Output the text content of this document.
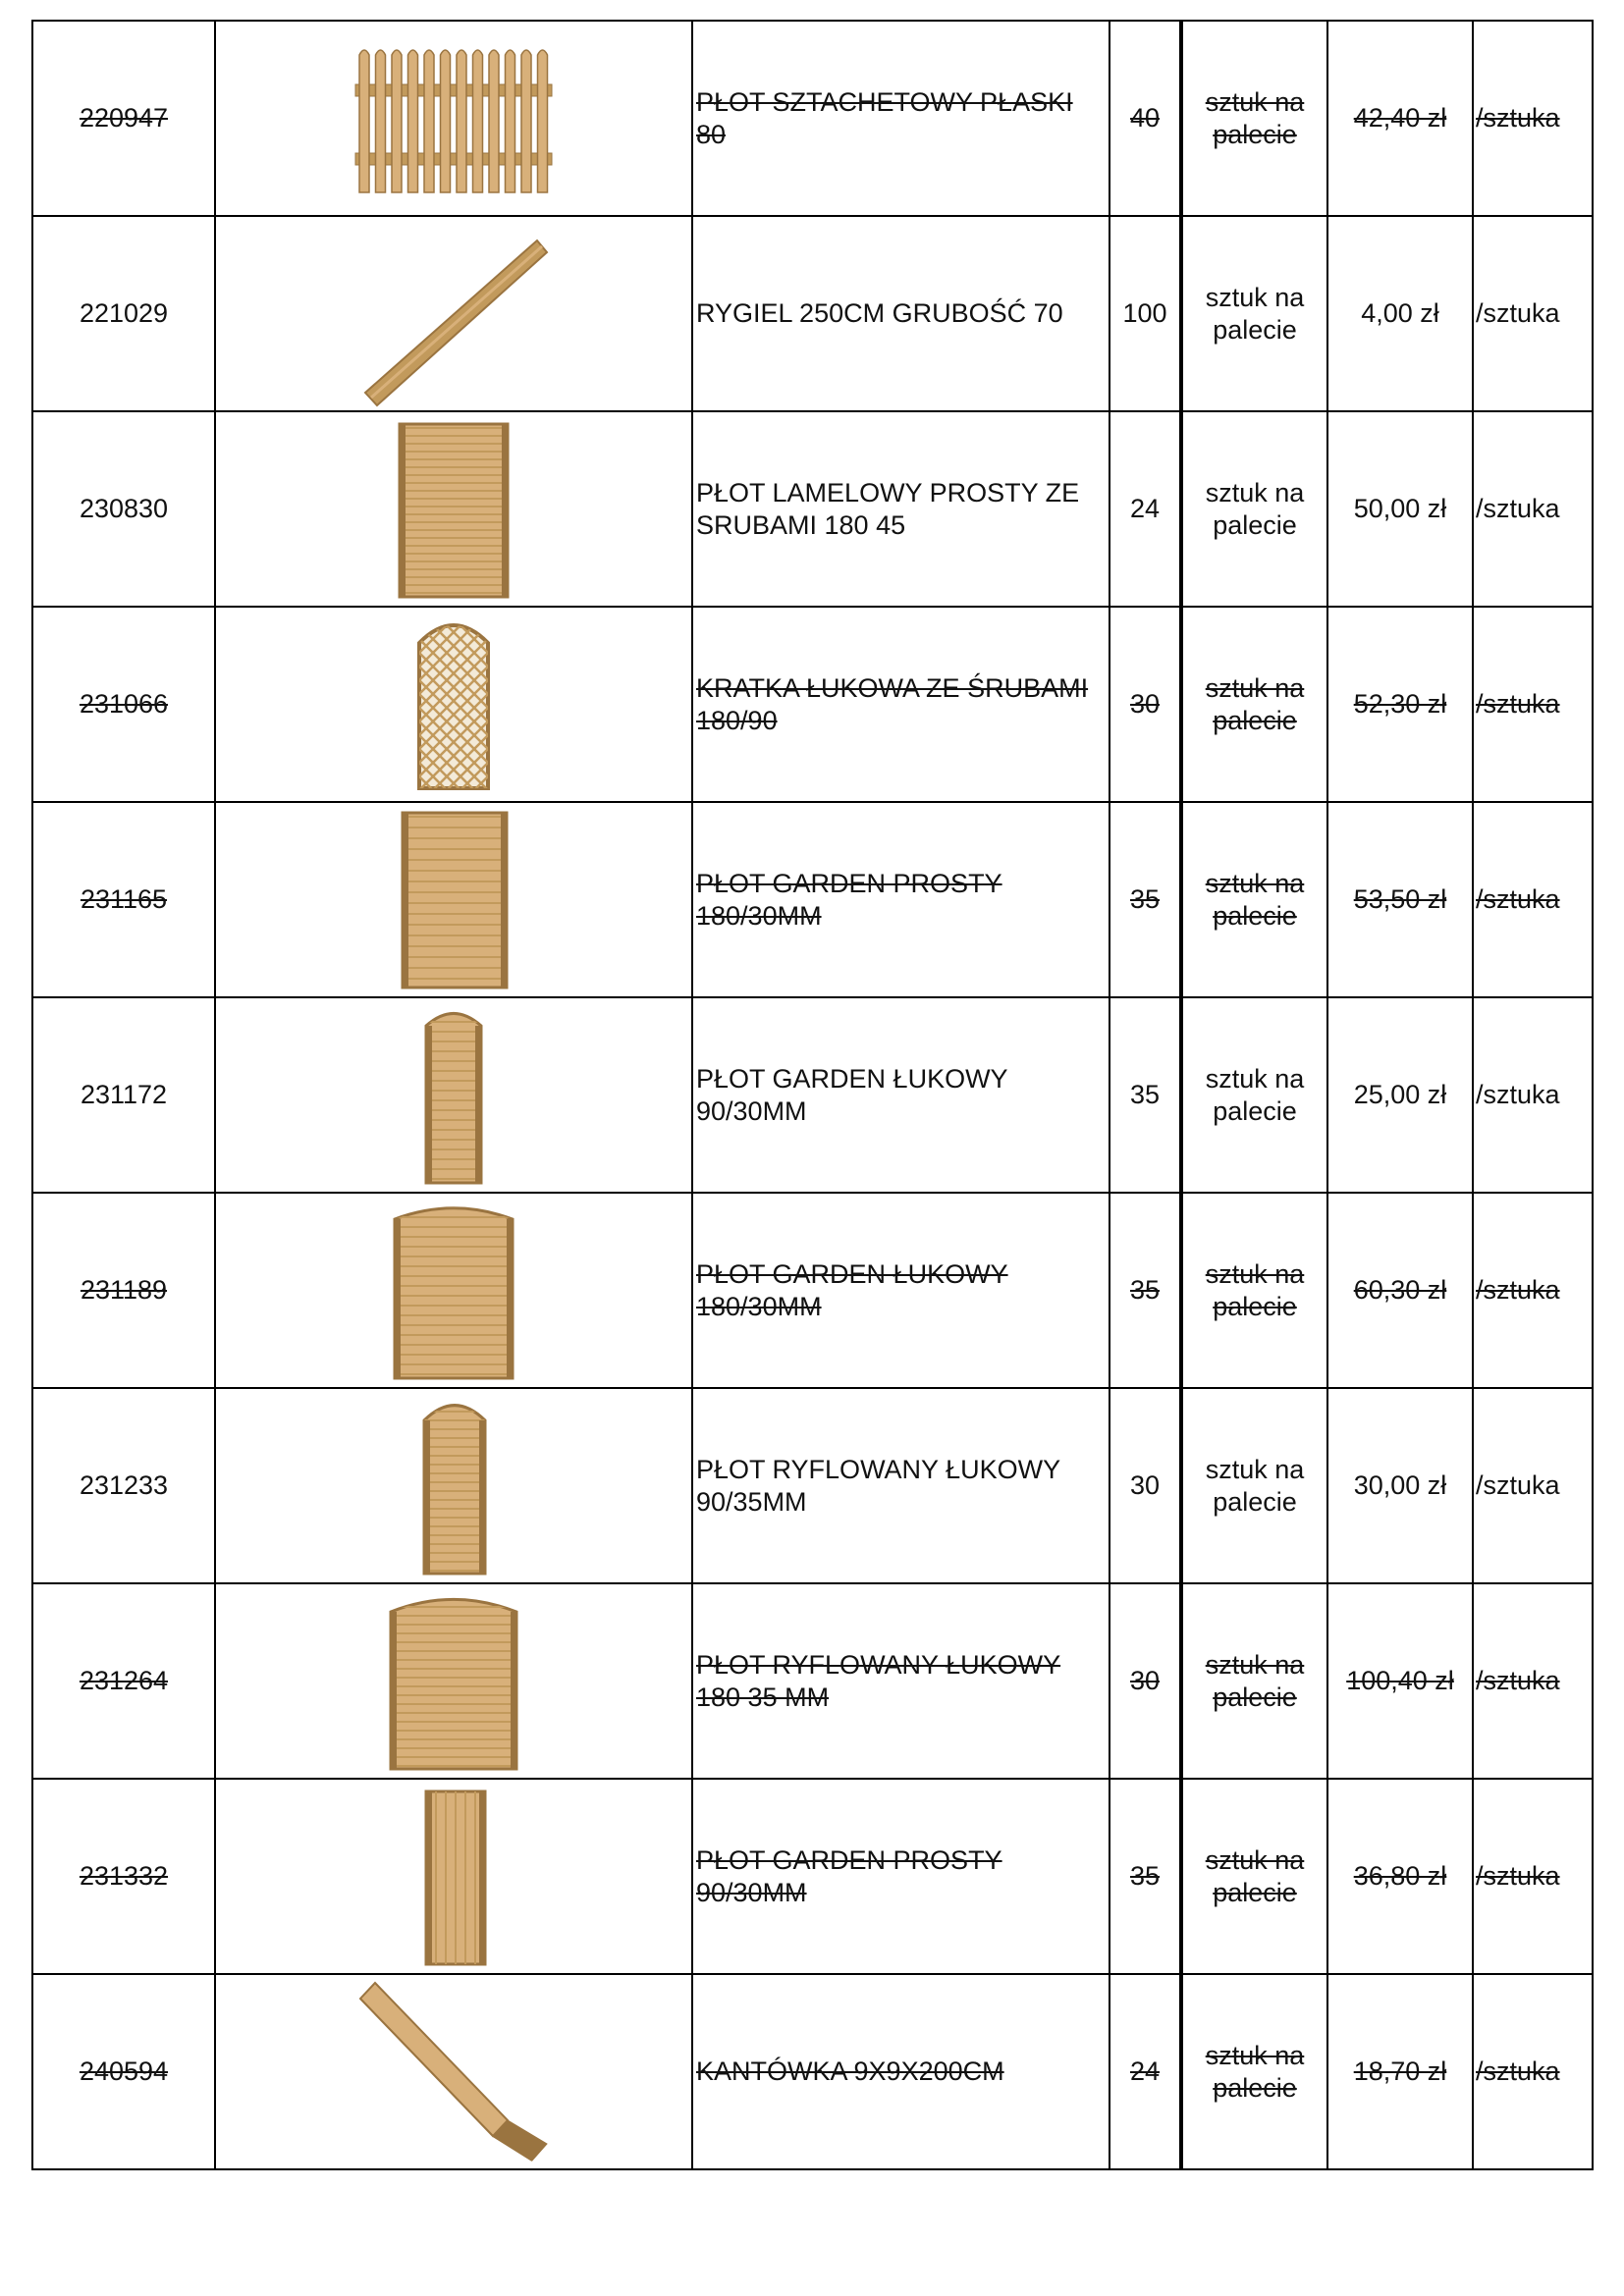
220947		PŁOT SZTACHETOWY PŁASKI 80	40	sztuk na palecie	42,40 zł	/sztuka
221029		RYGIEL 250CM GRUBOŚĆ 70	100	sztuk na palecie	4,00 zł	/sztuka
230830		PŁOT LAMELOWY PROSTY ZE SRUBAMI 180 45	24	sztuk na palecie	50,00 zł	/sztuka
231066		KRATKA ŁUKOWA ZE ŚRUBAMI 180/90	30	sztuk na palecie	52,30 zł	/sztuka
231165		PŁOT GARDEN PROSTY 180/30MM	35	sztuk na palecie	53,50 zł	/sztuka
231172		PŁOT GARDEN ŁUKOWY 90/30MM	35	sztuk na palecie	25,00 zł	/sztuka
231189		PŁOT GARDEN ŁUKOWY 180/30MM	35	sztuk na palecie	60,30 zł	/sztuka
231233		PŁOT RYFLOWANY ŁUKOWY 90/35MM	30	sztuk na palecie	30,00 zł	/sztuka
231264		PŁOT RYFLOWANY ŁUKOWY 180 35 MM	30	sztuk na palecie	100,40 zł	/sztuka
231332		PŁOT GARDEN PROSTY 90/30MM	35	sztuk na palecie	36,80 zł	/sztuka
240594		KANTÓWKA 9X9X200CM	24	sztuk na palecie	18,70 zł	/sztuka
